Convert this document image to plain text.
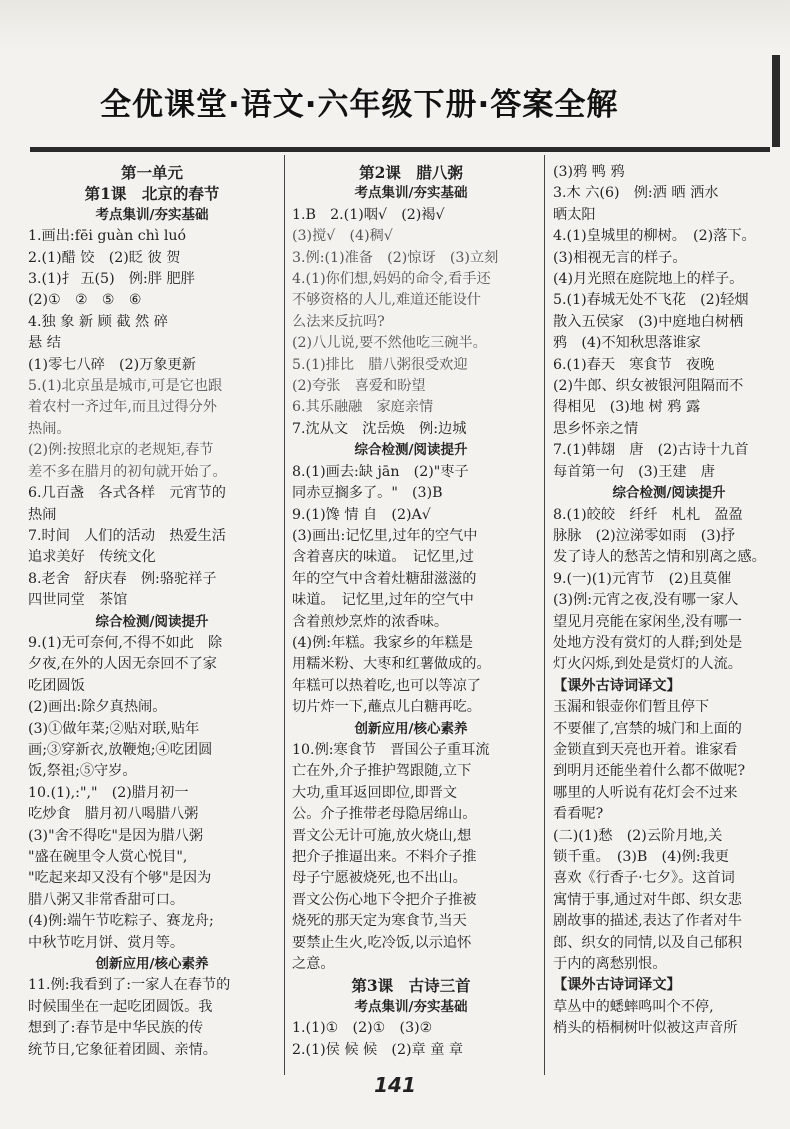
全优课堂·语文·六年级下册·答案全解
第一单元
第1课　北京的春节
考点集训/夯实基础
1.画出:fēi guàn chì luó
2.(1)醋 饺　(2)眨 彼 贺
3.(1)扌 五(5)　例:胖 肥胖
(2)①　②　⑤　⑥
4.独 象 新 顾 截 然 碎
悬 结
(1)零七八碎　(2)万象更新
5.(1)北京虽是城市,可是它也跟
着农村一齐过年,而且过得分外
热闹。
(2)例:按照北京的老规矩,春节
差不多在腊月的初旬就开始了。
6.几百盏　各式各样　元宵节的
热闹
7.时间　人们的活动　热爱生活
追求美好　传统文化
8.老舍　舒庆春　例:骆驼祥子
四世同堂　茶馆
综合检测/阅读提升
9.(1)无可奈何,不得不如此　除
夕夜,在外的人因无奈回不了家
吃团圆饭
(2)画出:除夕真热闹。
(3)①做年菜;②贴对联,贴年
画;③穿新衣,放鞭炮;④吃团圆
饭,祭祖;⑤守岁。
10.(1),:","　(2)腊月初一
吃炒食　腊月初八喝腊八粥
(3)"舍不得吃"是因为腊八粥
"盛在碗里令人赏心悦目",
"吃起来却又没有个够"是因为
腊八粥又非常香甜可口。
(4)例:端午节吃粽子、赛龙舟;
中秋节吃月饼、赏月等。
创新应用/核心素养
11.例:我看到了:一家人在春节的
时候围坐在一起吃团圆饭。我
想到了:春节是中华民族的传
统节日,它象征着团圆、亲情。
第2课　腊八粥
考点集训/夯实基础
1.B　2.(1)咽√　(2)褐√
(3)搅√　(4)稠√
3.例:(1)准备　(2)惊讶　(3)立刻
4.(1)你们想,妈妈的命令,看手还
不够资格的人儿,难道还能设什
么法来反抗吗?
(2)八儿说,要不然他吃三碗半。
5.(1)排比　腊八粥很受欢迎
(2)夸张　喜爱和盼望
6.其乐融融　家庭亲情
7.沈从文　沈岳焕　例:边城
综合检测/阅读提升
8.(1)画去:缺 jān　(2)"枣子
同赤豆搁多了。"　(3)B
9.(1)馋 情 自　(2)A√
(3)画出:记忆里,过年的空气中
含着喜庆的味道。　记忆里,过
年的空气中含着灶糖甜滋滋的
味道。　记忆里,过年的空气中
含着煎炒烹炸的浓香味。
(4)例:年糕。我家乡的年糕是
用糯米粉、大枣和红薯做成的。
年糕可以热着吃,也可以等凉了
切片炸一下,蘸点儿白糖再吃。
创新应用/核心素养
10.例:寒食节　晋国公子重耳流
亡在外,介子推护驾跟随,立下
大功,重耳返回即位,即晋文
公。介子推带老母隐居绵山。
晋文公无计可施,放火烧山,想
把介子推逼出来。不料介子推
母子宁愿被烧死,也不出山。
晋文公伤心地下令把介子推被
烧死的那天定为寒食节,当天
要禁止生火,吃冷饭,以示追怀
之意。
第3课　古诗三首
考点集训/夯实基础
1.(1)①　(2)①　(3)②
2.(1)侯 候 候　(2)章 童 章
(3)鸦 鸭 鸦
3.木 六(6)　例:洒 晒 洒水
晒太阳
4.(1)皇城里的柳树。　(2)落下。
(3)相视无言的样子。
(4)月光照在庭院地上的样子。
5.(1)春城无处不飞花　(2)轻烟
散入五侯家　(3)中庭地白树栖
鸦　(4)不知秋思落谁家
6.(1)春天　寒食节　夜晚
(2)牛郎、织女被银河阻隔而不
得相见　(3)地 树 鸦 露
思乡怀亲之情
7.(1)韩翃　唐　(2)古诗十九首
每首第一句　(3)王建　唐
综合检测/阅读提升
8.(1)皎皎　纤纤　札札　盈盈
脉脉　(2)泣涕零如雨　(3)抒
发了诗人的愁苦之情和别离之感。
9.(一)(1)元宵节　(2)且莫催
(3)例:元宵之夜,没有哪一家人
望见月亮能在家闲坐,没有哪一
处地方没有赏灯的人群;到处是
灯火闪烁,到处是赏灯的人流。
【课外古诗词译文】
玉漏和银壶你们暂且停下
不要催了,宫禁的城门和上面的
金锁直到天亮也开着。谁家看
到明月还能坐着什么都不做呢?
哪里的人听说有花灯会不过来
看看呢?
(二)(1)愁　(2)云阶月地,关
锁千重。　(3)B　(4)例:我更
喜欢《行香子·七夕》。这首词
寓情于事,通过对牛郎、织女悲
剧故事的描述,表达了作者对牛
郎、织女的同情,以及自己郁积
于内的离愁别恨。
【课外古诗词译文】
草丛中的蟋蟀鸣叫个不停,
梢头的梧桐树叶似被这声音所
141
